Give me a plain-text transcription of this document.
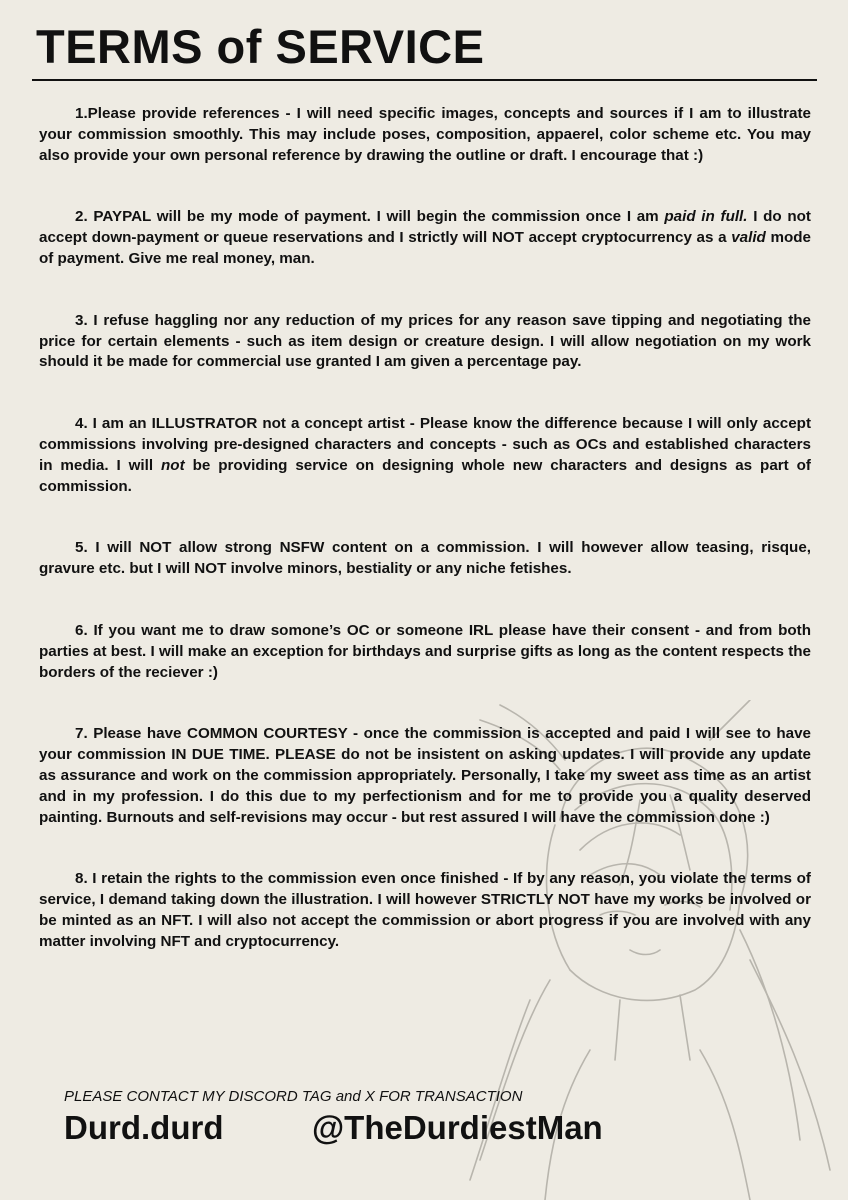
TERMS of SERVICE

1.Please provide references - I will need specific images, concepts and sources if I am to illustrate your commission smoothly. This may include poses, composition, appaerel, color scheme etc. You may also provide your own personal reference by drawing the outline or draft. I encourage that :)

2. PAYPAL will be my mode of payment. I will begin the commission once I am paid in full. I do not accept down-payment or queue reservations and I strictly will NOT accept cryptocurrency as a valid mode of payment. Give me real money, man.

3. I refuse haggling nor any reduction of my prices for any reason save tipping and negotiating the price for certain elements - such as item design or creature design. I will allow negotiation on my work should it be made for commercial use granted I am given a percentage pay.

4. I am an ILLUSTRATOR not a concept artist - Please know the difference because I will only accept commissions involving pre-designed characters and concepts - such as OCs and established characters in media. I will not be providing service on designing whole new characters and designs as part of commission.

5. I will NOT allow strong NSFW content on a commission. I will however allow teasing, risque, gravure etc. but I will NOT involve minors, bestiality or any niche fetishes.

6. If you want me to draw somone’s OC or someone IRL please have their consent - and from both parties at best. I will make an exception for birthdays and surprise gifts as long as the content respects the borders of the reciever :)

7. Please have COMMON COURTESY - once the commission is accepted and paid I will see to have your commission IN DUE TIME. PLEASE do not be insistent on asking updates. I will provide any update as assurance and work on the commission appropriately. Personally, I take my sweet ass time as an artist and in my profession. I do this due to my perfectionism and for me to provide you a quality deserved painting. Burnouts and self-revisions may occur - but rest assured I will have the commission done :)

8. I retain the rights to the commission even once finished - If by any reason, you violate the terms of service, I demand taking down the illustration. I will however STRICTLY NOT have my works be involved or be minted as an NFT. I will also not accept the commission or abort progress if you are involved with any matter involving NFT and cryptocurrency.

PLEASE CONTACT MY DISCORD TAG and X FOR TRANSACTION

Durd.durd	@TheDurdiestMan
